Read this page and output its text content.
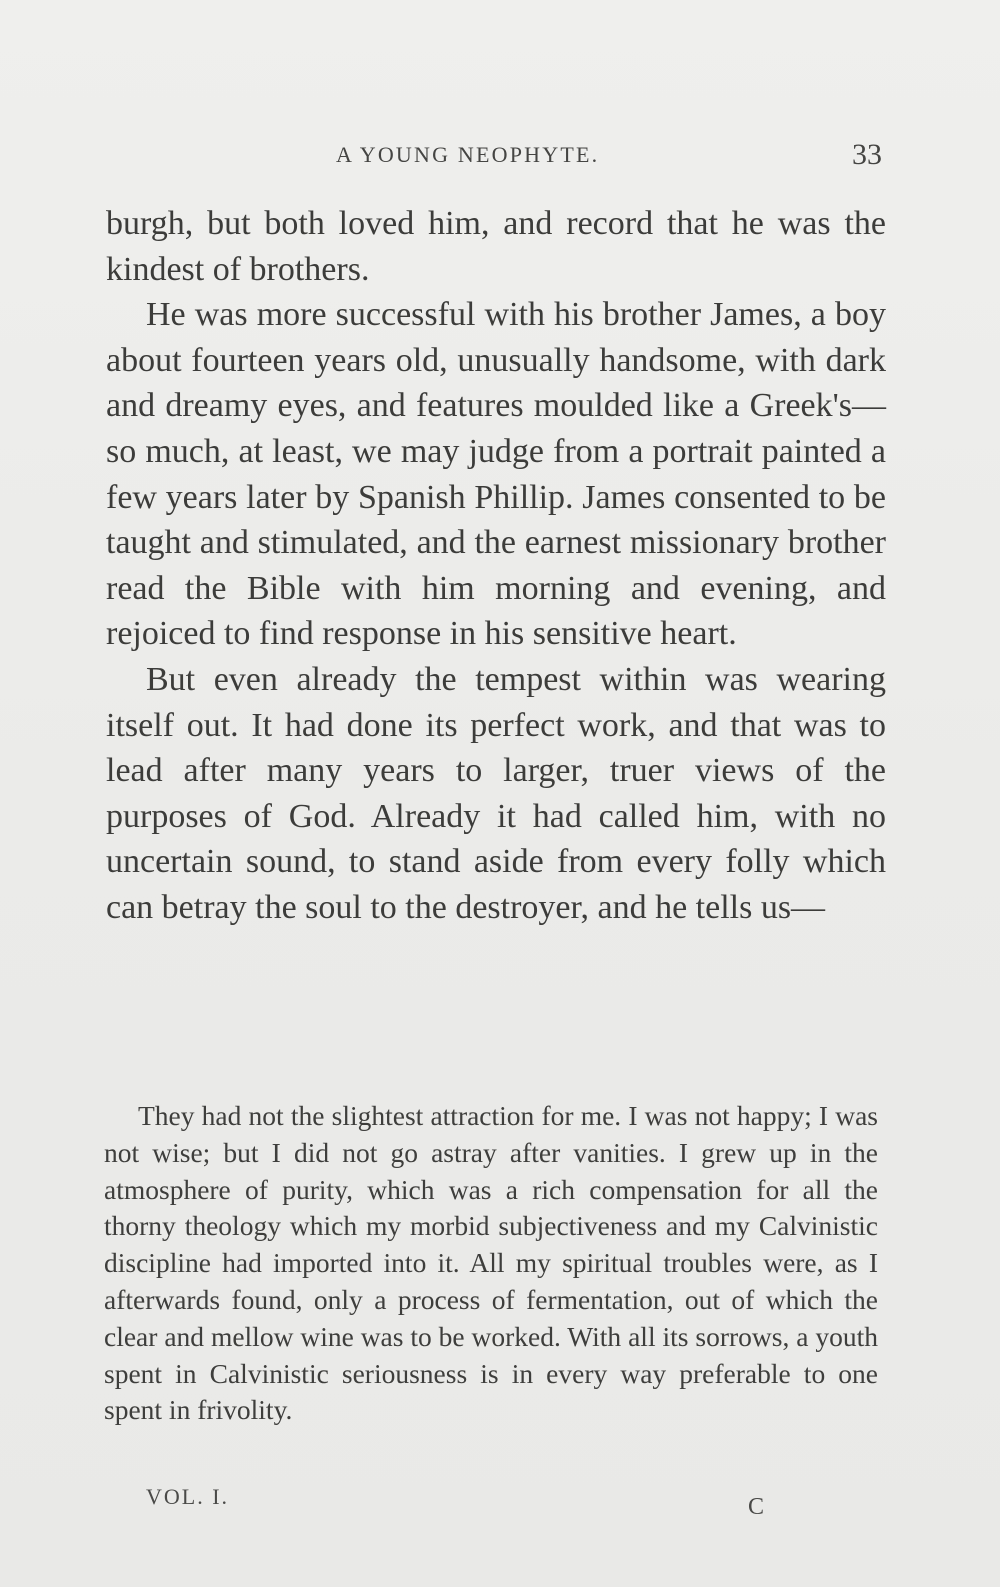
A YOUNG NEOPHYTE.	33

burgh, but both loved him, and record that he was the kindest of brothers.

He was more successful with his brother James, a boy about fourteen years old, unusually handsome, with dark and dreamy eyes, and features moulded like a Greek's—so much, at least, we may judge from a portrait painted a few years later by Spanish Phillip. James consented to be taught and stimulated, and the earnest missionary brother read the Bible with him morning and evening, and rejoiced to find response in his sensitive heart.

But even already the tempest within was wearing itself out. It had done its perfect work, and that was to lead after many years to larger, truer views of the purposes of God. Already it had called him, with no uncertain sound, to stand aside from every folly which can betray the soul to the destroyer, and he tells us—

They had not the slightest attraction for me. I was not happy; I was not wise; but I did not go astray after vanities. I grew up in the atmosphere of purity, which was a rich compensation for all the thorny theology which my morbid subjectiveness and my Calvinistic discipline had imported into it. All my spiritual troubles were, as I afterwards found, only a process of fermentation, out of which the clear and mellow wine was to be worked. With all its sorrows, a youth spent in Calvinistic seriousness is in every way preferable to one spent in frivolity.

VOL. I.	C
